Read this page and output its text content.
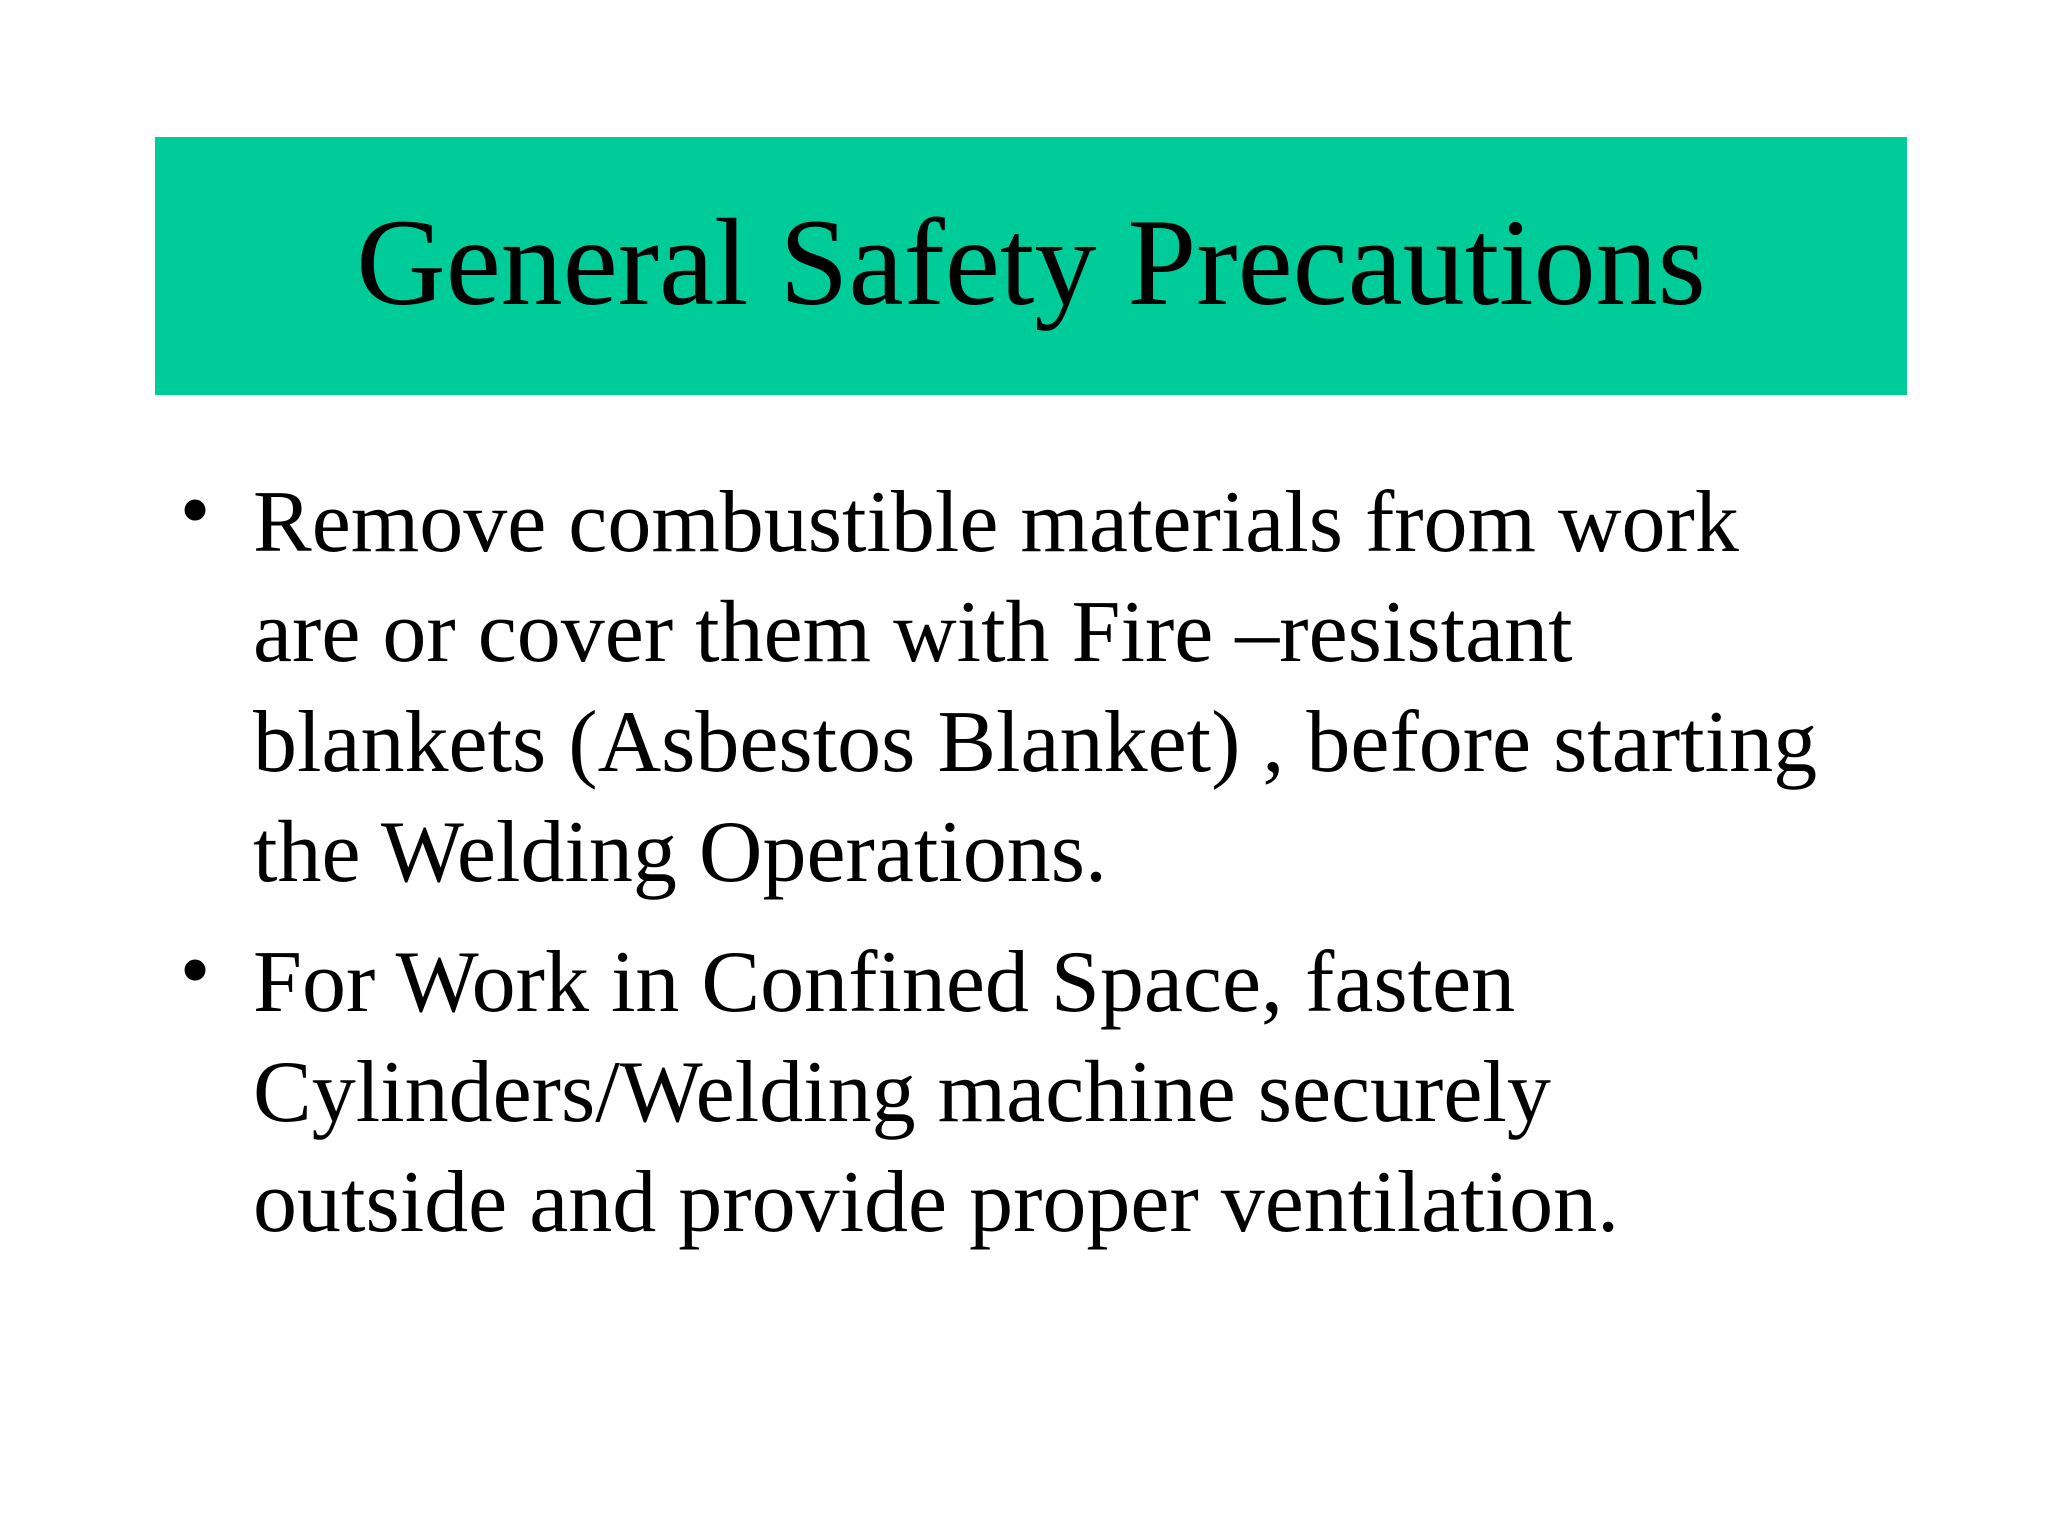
General Safety Precautions
• Remove combustible materials from work
are or cover them with Fire –resistant
blankets (Asbestos Blanket) , before starting
the Welding Operations.
• For Work in Confined Space, fasten
Cylinders/Welding machine securely
outside and provide proper ventilation.
